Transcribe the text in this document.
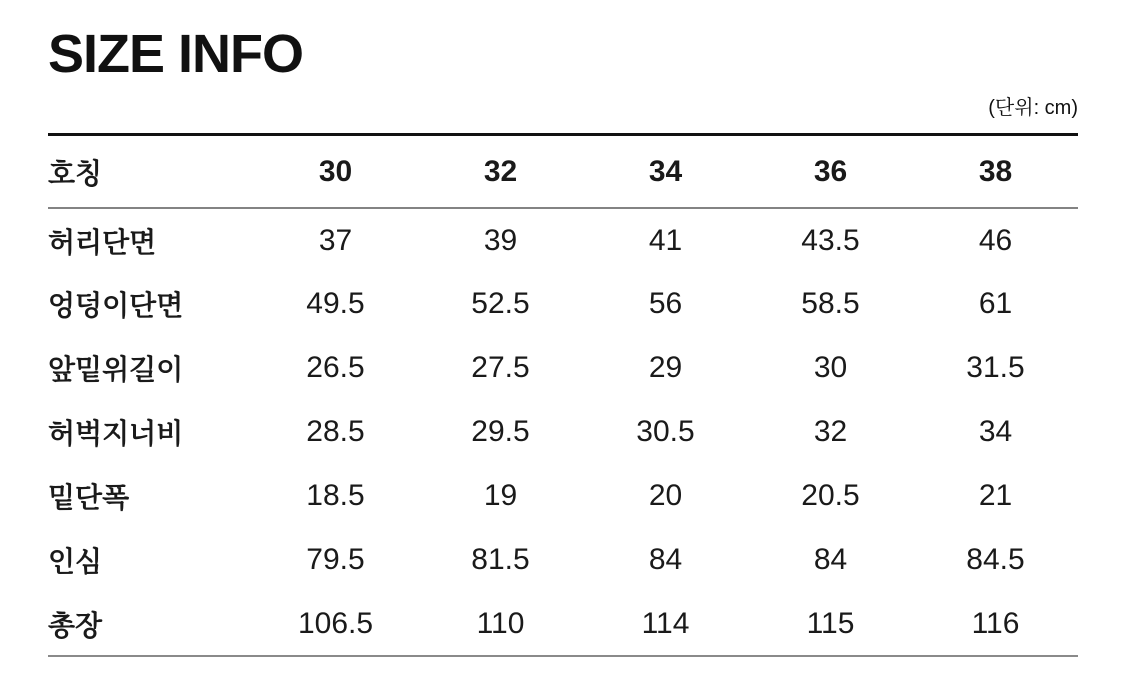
SIZE INFO
(단위: cm)
호칭	30	32	34	36	38
허리단면	37	39	41	43.5	46
엉덩이단면	49.5	52.5	56	58.5	61
앞밑위길이	26.5	27.5	29	30	31.5
허벅지너비	28.5	29.5	30.5	32	34
밑단폭	18.5	19	20	20.5	21
인심	79.5	81.5	84	84	84.5
총장	106.5	110	114	115	116
